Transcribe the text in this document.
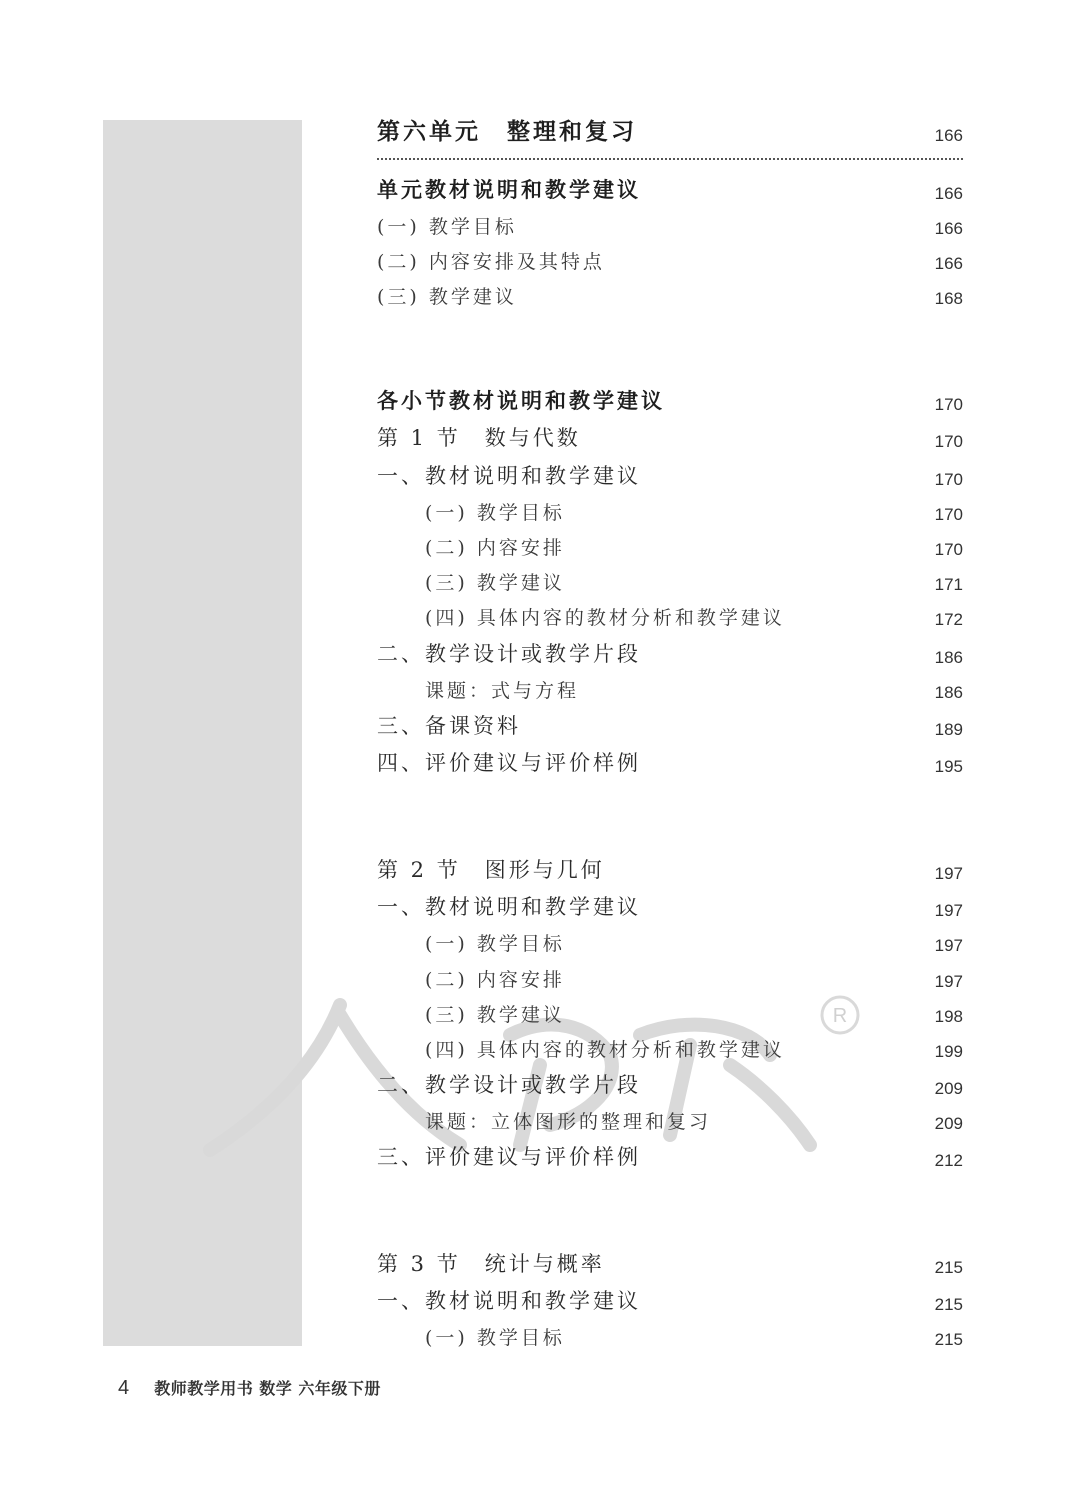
R
第六单元　整理和复习	166
单元教材说明和教学建议	166
(一) 教学目标	166
(二) 内容安排及其特点	166
(三) 教学建议	168
各小节教材说明和教学建议	170
第 1 节　数与代数	170
一、教材说明和教学建议	170
(一) 教学目标	170
(二) 内容安排	170
(三) 教学建议	171
(四) 具体内容的教材分析和教学建议	172
二、教学设计或教学片段	186
课题：式与方程	186
三、备课资料	189
四、评价建议与评价样例	195
第 2 节　图形与几何	197
一、教材说明和教学建议	197
(一) 教学目标	197
(二) 内容安排	197
(三) 教学建议	198
(四) 具体内容的教材分析和教学建议	199
二、教学设计或教学片段	209
课题：立体图形的整理和复习	209
三、评价建议与评价样例	212
第 3 节　统计与概率	215
一、教材说明和教学建议	215
(一) 教学目标	215
4 教师教学用书 数学 六年级下册
